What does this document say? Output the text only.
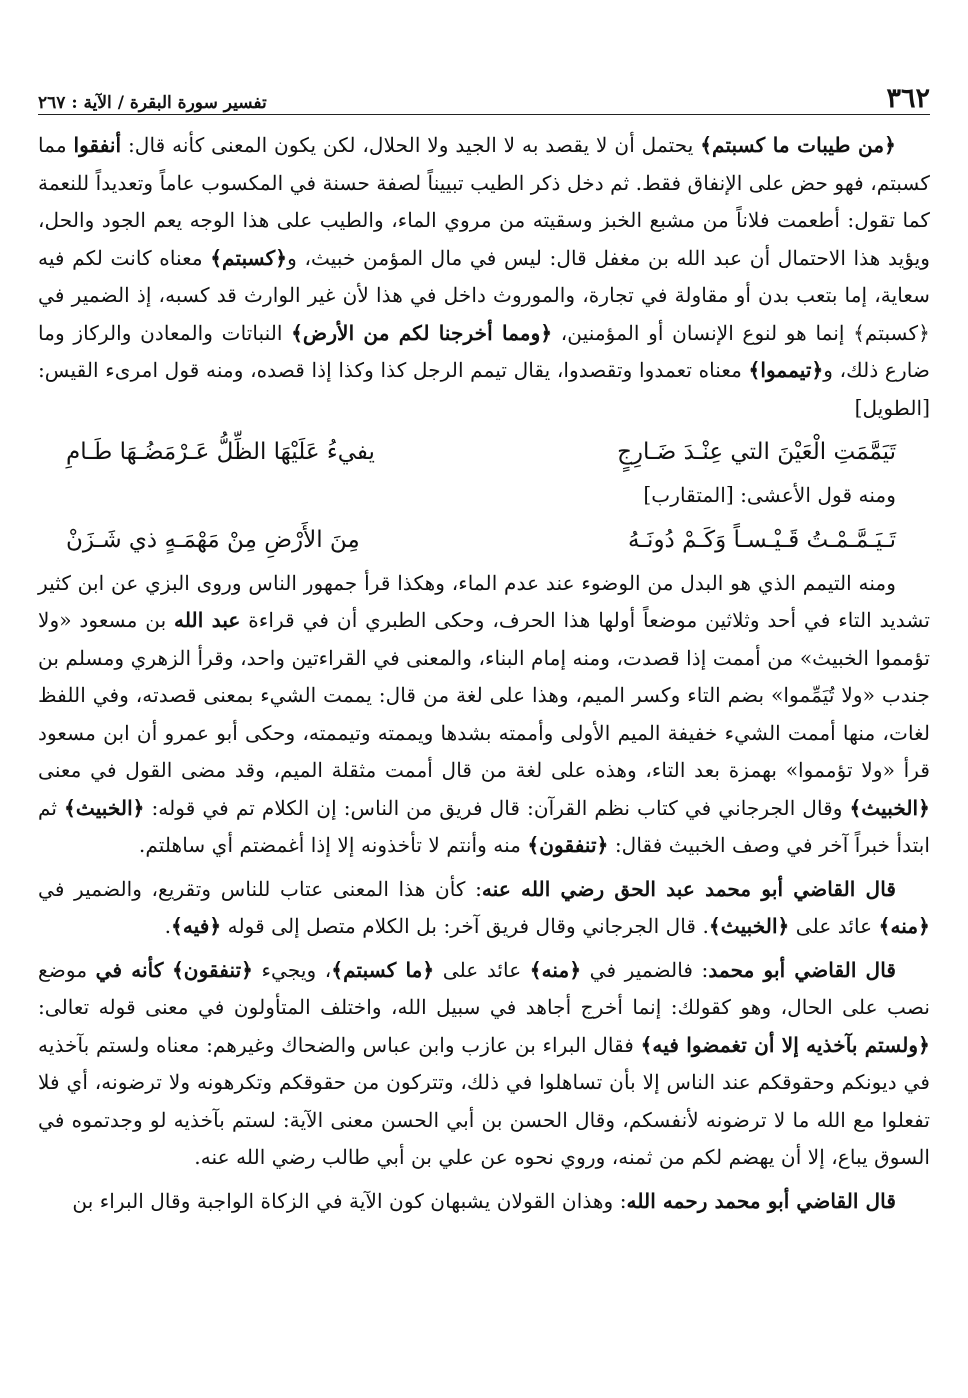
٣٦٢
تفسير سورة البقرة / الآية : ٢٦٧

﴿من طيبات ما كسبتم﴾ يحتمل أن لا يقصد به لا الجيد ولا الحلال، لكن يكون المعنى كأنه قال: أنفقوا مما كسبتم، فهو حض على الإنفاق فقط. ثم دخل ذكر الطيب تبييناً لصفة حسنة في المكسوب عاماً وتعديداً للنعمة كما تقول: أطعمت فلاناً من مشبع الخبز وسقيته من مروي الماء، والطيب على هذا الوجه يعم الجود والحل، ويؤيد هذا الاحتمال أن عبد الله بن مغفل قال: ليس في مال المؤمن خبيث، و﴿كسبتم﴾ معناه كانت لكم فيه سعاية، إما بتعب بدن أو مقاولة في تجارة، والموروث داخل في هذا لأن غير الوارث قد كسبه، إذ الضمير في ﴿كسبتم﴾ إنما هو لنوع الإنسان أو المؤمنين، ﴿ومما أخرجنا لكم من الأرض﴾ النباتات والمعادن والركاز وما ضارع ذلك، و﴿تيمموا﴾ معناه تعمدوا وتقصدوا، يقال تيمم الرجل كذا وكذا إذا قصده، ومنه قول امرىء القيس: [الطويل]

تَيَمَّمَتِ الْعَيْنَ التي عِنْـدَ ضَـارِجٍ
يفيءُ عَلَيْهَا الظِّلُّ عَـرْمَضُـهَا طَـامِ

ومنه قول الأعشى: [المتقارب]

تَـيَـمَّـمْـتُ قَـيْـسـاً وَكَـمْ دُونَـهُ
مِنَ الأَرْضِ مِنْ مَهْمَـهٍ ذي شَـزَنْ

ومنه التيمم الذي هو البدل من الوضوء عند عدم الماء، وهكذا قرأ جمهور الناس وروى البزي عن ابن كثير تشديد التاء في أحد وثلاثين موضعاً أولها هذا الحرف، وحكى الطبري أن في قراءة عبد الله بن مسعود «ولا تؤمموا الخبيث» من أممت إذا قصدت، ومنه إمام البناء، والمعنى في القراءتين واحد، وقرأ الزهري ومسلم بن جندب «ولا تُيَمِّموا» بضم التاء وكسر الميم، وهذا على لغة من قال: يممت الشيء بمعنى قصدته، وفي اللفظ لغات، منها أممت الشيء خفيفة الميم الأولى وأممته بشدها ويممته وتيممته، وحكى أبو عمرو أن ابن مسعود قرأ «ولا تؤمموا» بهمزة بعد التاء، وهذه على لغة من قال أممت مثقلة الميم، وقد مضى القول في معنى ﴿الخبيث﴾ وقال الجرجاني في كتاب نظم القرآن: قال فريق من الناس: إن الكلام تم في قوله: ﴿الخبيث﴾ ثم ابتدأ خبراً آخر في وصف الخبيث فقال: ﴿تنفقون﴾ منه وأنتم لا تأخذونه إلا إذا أغمضتم أي ساهلتم.

قال القاضي أبو محمد عبد الحق رضي الله عنه: كأن هذا المعنى عتاب للناس وتقريع، والضمير في ﴿منه﴾ عائد على ﴿الخبيث﴾. قال الجرجاني وقال فريق آخر: بل الكلام متصل إلى قوله ﴿فيه﴾.

قال القاضي أبو محمد: فالضمير في ﴿منه﴾ عائد على ﴿ما كسبتم﴾، ويجيء ﴿تنفقون﴾ كأنه في موضع نصب على الحال، وهو كقولك: إنما أخرج أجاهد في سبيل الله، واختلف المتأولون في معنى قوله تعالى: ﴿ولستم بآخذيه إلا أن تغمضوا فيه﴾ فقال البراء بن عازب وابن عباس والضحاك وغيرهم: معناه ولستم بآخذيه في ديونكم وحقوقكم عند الناس إلا بأن تساهلوا في ذلك، وتتركون من حقوقكم وتكرهونه ولا ترضونه، أي فلا تفعلوا مع الله ما لا ترضونه لأنفسكم، وقال الحسن بن أبي الحسن معنى الآية: لستم بآخذيه لو وجدتموه في السوق يباع، إلا أن يهضم لكم من ثمنه، وروي نحوه عن علي بن أبي طالب رضي الله عنه.

قال القاضي أبو محمد رحمه الله: وهذان القولان يشبهان كون الآية في الزكاة الواجبة وقال البراء بن
